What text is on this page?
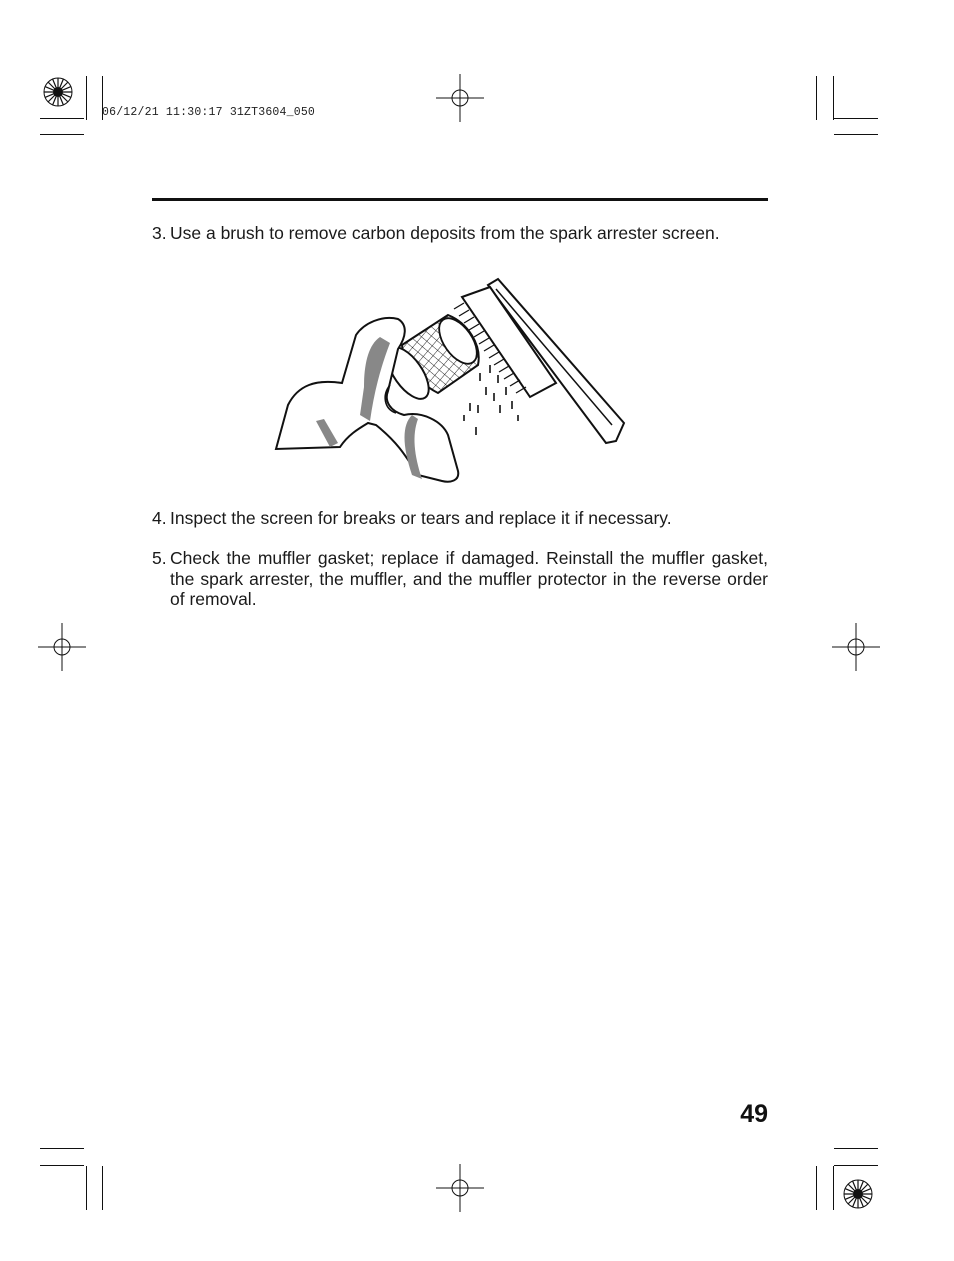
06/12/21 11:30:17 31ZT3604_050
3. Use a brush to remove carbon deposits from the spark arrester screen.
4. Inspect the screen for breaks or tears and replace it if necessary.
5. Check the muffler gasket; replace if damaged. Reinstall the muffler gasket, the spark arrester, the muffler, and the muffler protector in the reverse order of removal.
49
